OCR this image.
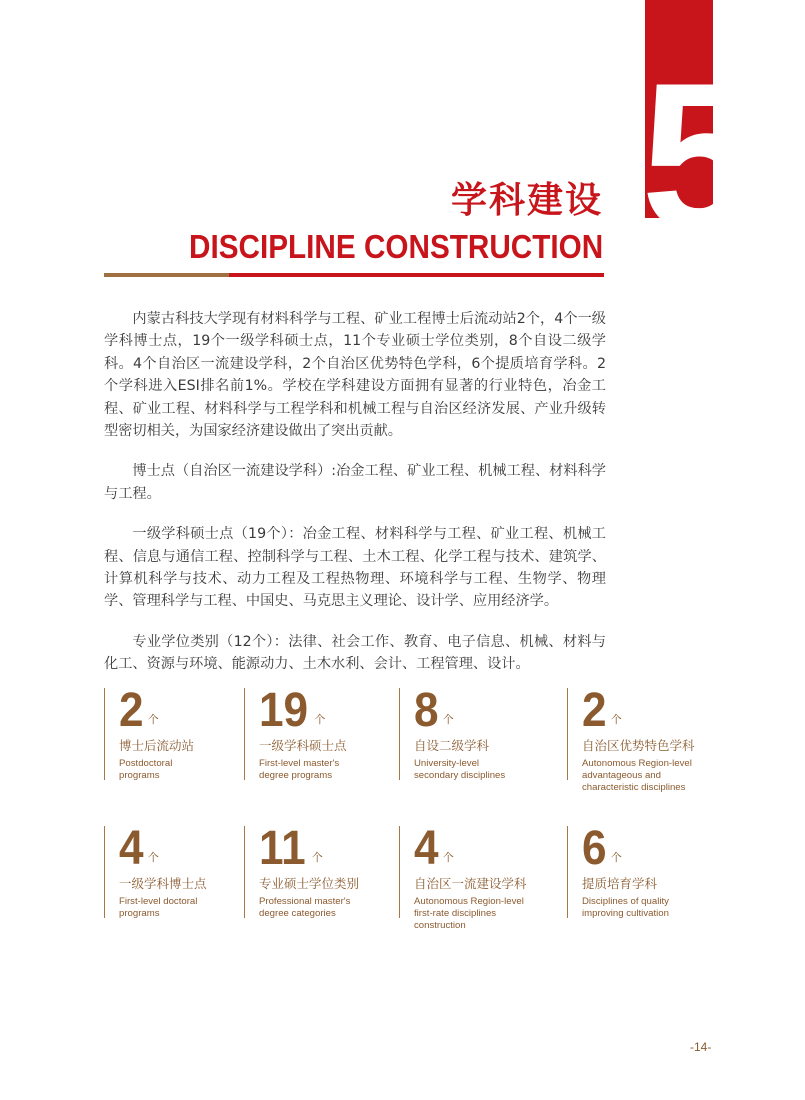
5
学科建设
DISCIPLINE CONSTRUCTION

内蒙古科技大学现有材料科学与工程、矿业工程博士后流动站2个，4个一级学科博士点，19个一级学科硕士点，11个专业硕士学位类别，8个自设二级学科。4个自治区一流建设学科，2个自治区优势特色学科，6个提质培育学科。2个学科进入ESI排名前1%。学校在学科建设方面拥有显著的行业特色，冶金工程、矿业工程、材料科学与工程学科和机械工程与自治区经济发展、产业升级转型密切相关，为国家经济建设做出了突出贡献。

博士点（自治区一流建设学科）:冶金工程、矿业工程、机械工程、材料科学与工程。

一级学科硕士点（19个）：冶金工程、材料科学与工程、矿业工程、机械工程、信息与通信工程、控制科学与工程、土木工程、化学工程与技术、建筑学、计算机科学与技术、动力工程及工程热物理、环境科学与工程、生物学、物理学、管理科学与工程、中国史、马克思主义理论、设计学、应用经济学。

专业学位类别（12个）：法律、社会工作、教育、电子信息、机械、材料与化工、资源与环境、能源动力、土木水利、会计、工程管理、设计。

2 个
博士后流动站
Postdoctoral
programs
19 个
一级学科硕士点
First-level master's
degree programs
8 个
自设二级学科
University-level
secondary disciplines
2 个
自治区优势特色学科
Autonomous Region-level
advantageous and
characteristic disciplines
4 个
一级学科博士点
First-level doctoral
programs
11 个
专业硕士学位类别
Professional master's
degree categories
4 个
自治区一流建设学科
Autonomous Region-level
first-rate disciplines
construction
6 个
提质培育学科
Disciplines of quality
improving cultivation
-14-
